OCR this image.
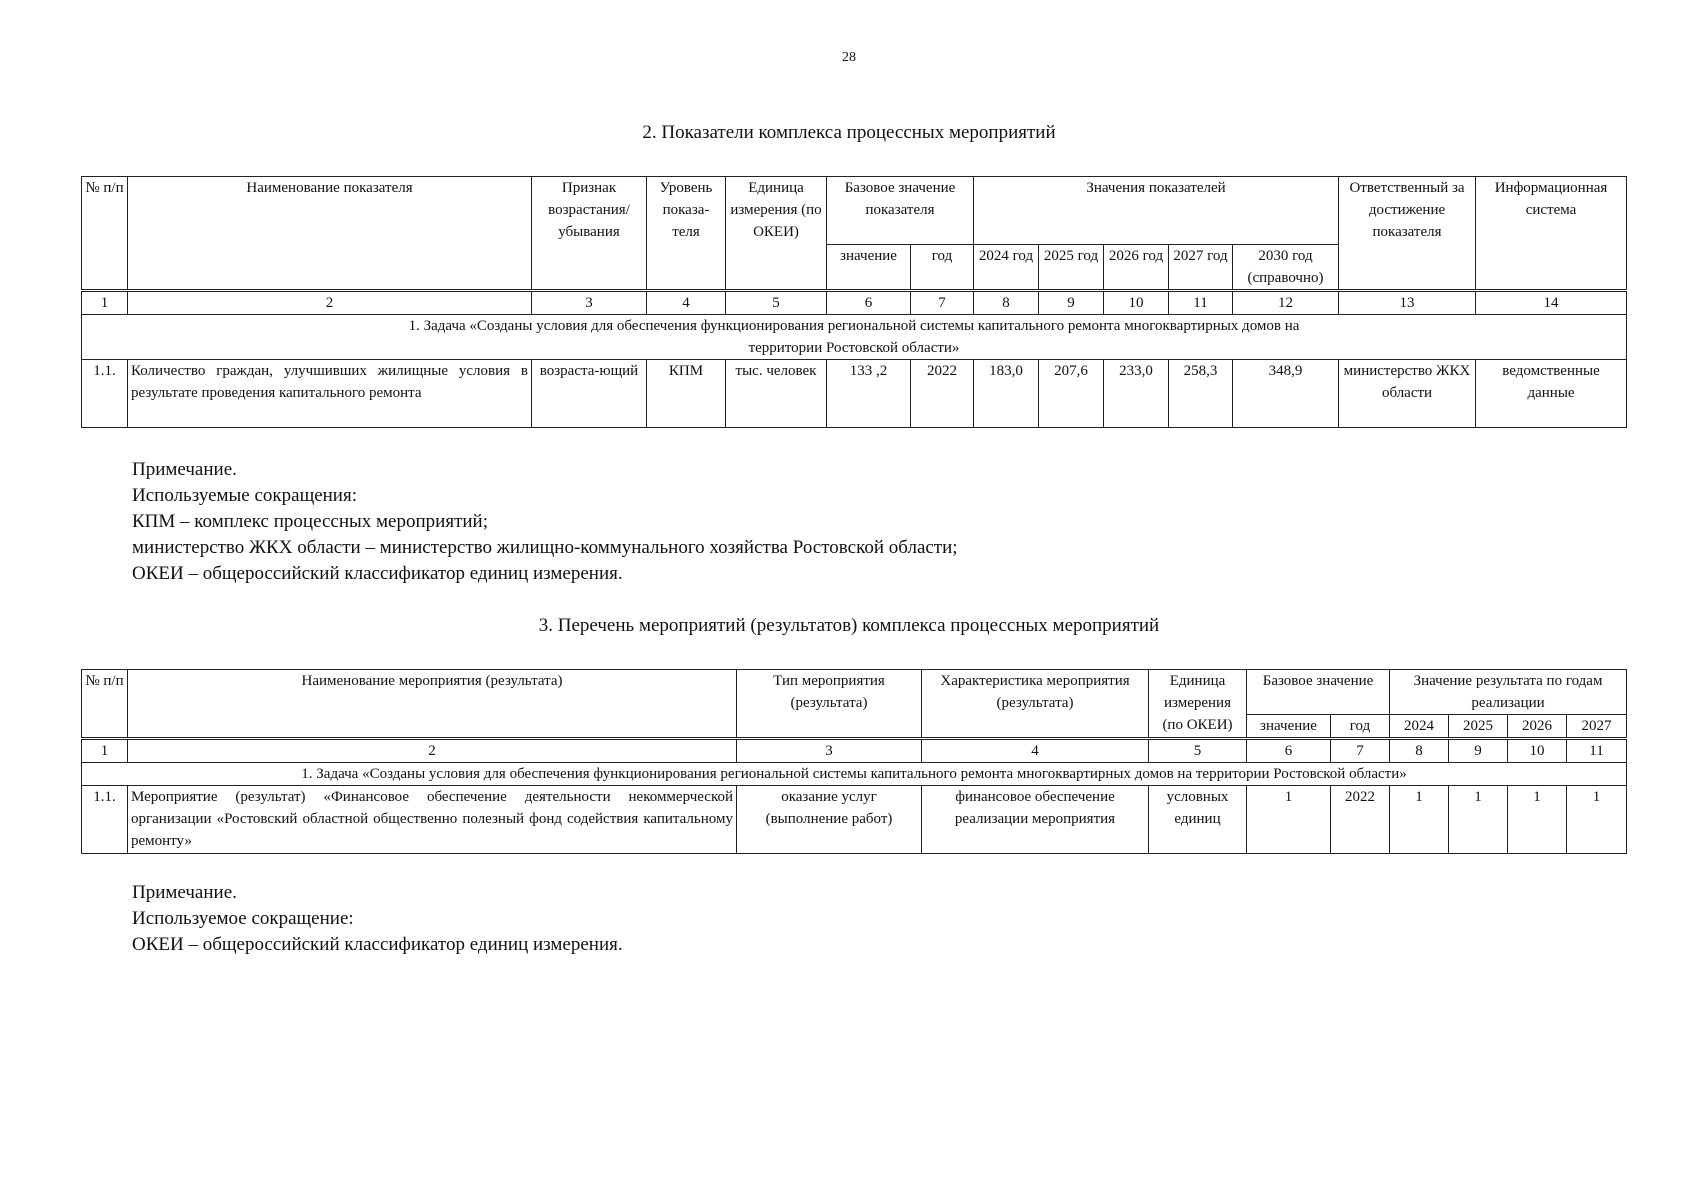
28
2. Показатели комплекса процессных мероприятий
№ п/п	Наименование показателя	Признак возрастания/ убывания	Уровень показа-теля	Единица измерения (по ОКЕИ)	Базовое значение показателя		Значения показателей					Ответственный за достижение показателя	Информационная система
					значение	год	2024 год	2025 год	2026 год	2027 год	2030 год (справочно)		
1	2	3	4	5	6	7	8	9	10	11	12	13	14
1. Задача «Созданы условия для обеспечения функционирования региональной системы капитального ремонта многоквартирных домов на территории Ростовской области»													
1.1.	Количество граждан, улучшивших жилищные условия в результате проведения капитального ремонта	возраста-ющий	КПМ	тыс. человек	133 ,2	2022	183,0	207,6	233,0	258,3	348,9	министерство ЖКХ области	ведомственные данные
Примечание.
Используемые сокращения:
КПМ – комплекс процессных мероприятий;
министерство ЖКХ области – министерство жилищно-коммунального хозяйства Ростовской области;
ОКЕИ – общероссийский классификатор единиц измерения.
3. Перечень мероприятий (результатов) комплекса процессных мероприятий
№ п/п	Наименование мероприятия (результата)	Тип мероприятия (результата)	Характеристика мероприятия (результата)	Единица измерения (по ОКЕИ)	Базовое значение		Значение результата по годам реализации			
					значение	год	2024	2025	2026	2027
1	2	3	4	5	6	7	8	9	10	11
1. Задача «Созданы условия для обеспечения функционирования региональной системы капитального ремонта многоквартирных домов на территории Ростовской области»										
1.1.	Мероприятие (результат) «Финансовое обеспечение деятельности некоммерческой организации «Ростовский областной общественно полезный фонд содействия капитальному ремонту»	оказание услуг (выполнение работ)	финансовое обеспечение реализации мероприятия	условных единиц	1	2022	1	1	1	1
Примечание.
Используемое сокращение:
ОКЕИ – общероссийский классификатор единиц измерения.
